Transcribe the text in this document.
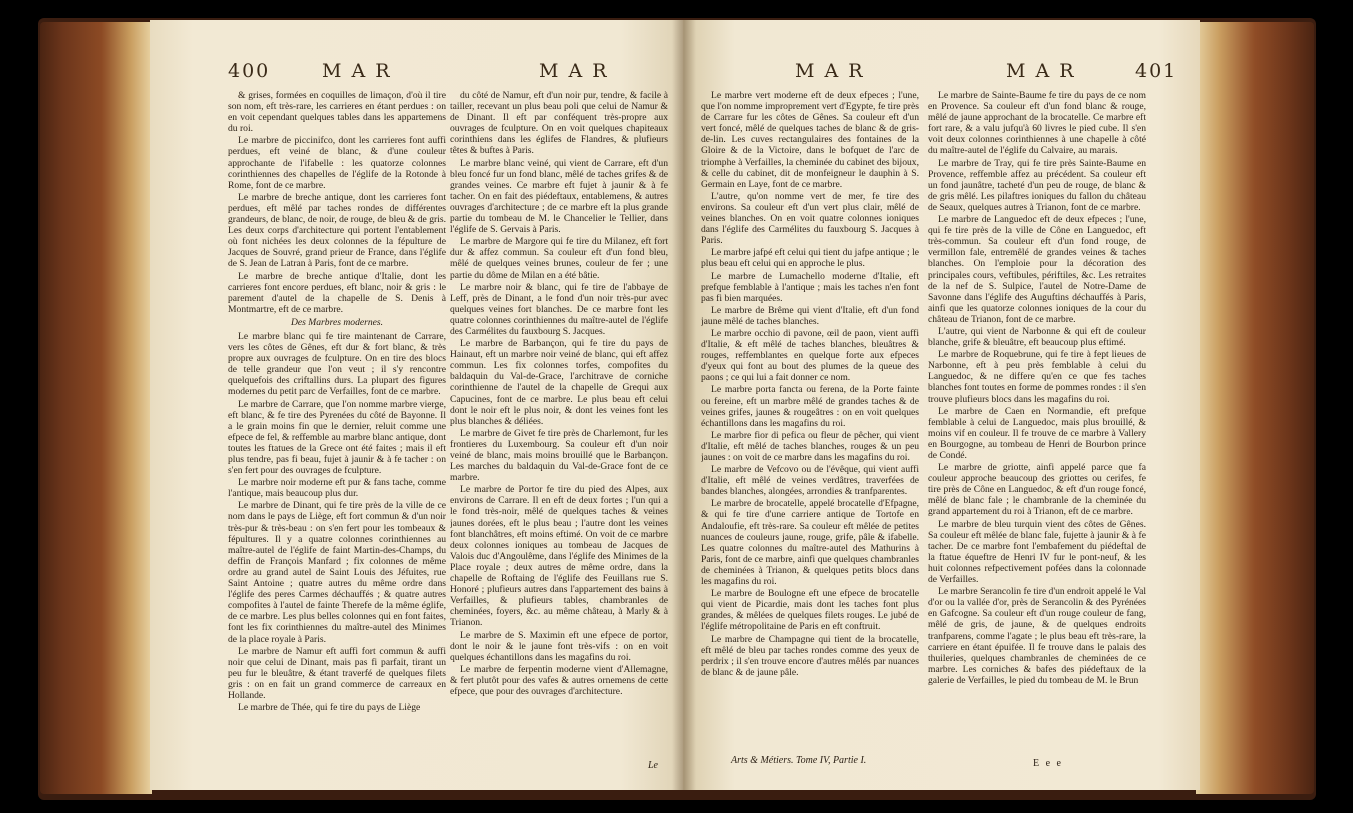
400	M A R	M A R

& grises, formées en coquilles de limaçon, d'où il tire son nom, eft très-rare, les carrieres en étant perdues : on en voit cependant quelques tables dans les appartemens du roi.

Le marbre de piccinifco, dont les carrieres font auffi perdues, eft veiné de blanc, & d'une couleur approchante de l'ifabelle : les quatorze colonnes corinthiennes des chapelles de l'églife de la Rotonde à Rome, font de ce marbre.

Le marbre de breche antique, dont les carrieres font perdues, eft mêlé par taches rondes de différentes grandeurs, de blanc, de noir, de rouge, de bleu & de gris. Les deux corps d'architecture qui portent l'entablement où font nichées les deux colonnes de la fépulture de Jacques de Souvré, grand prieur de France, dans l'églife de S. Jean de Latran à Paris, font de ce marbre.

Le marbre de breche antique d'Italie, dont les carrieres font encore perdues, eft blanc, noir & gris : le parement d'autel de la chapelle de S. Denis à Montmartre, eft de ce marbre.

Des Marbres modernes.

Le marbre blanc qui fe tire maintenant de Carrare, vers les côtes de Gênes, eft dur & fort blanc, & très propre aux ouvrages de fculpture. On en tire des blocs de telle grandeur que l'on veut ; il s'y rencontre quelquefois des criftallins durs. La plupart des figures modernes du petit parc de Verfailles, font de ce marbre.

Le marbre de Carrare, que l'on nomme marbre vierge, eft blanc, & fe tire des Pyrenées du côté de Bayonne. Il a le grain moins fin que le dernier, reluit comme une efpece de fel, & reffemble au marbre blanc antique, dont toutes les ftatues de la Grece ont été faites ; mais il eft plus tendre, pas fi beau, fujet à jaunir & à fe tacher : on s'en fert pour des ouvrages de fculpture.

Le marbre noir moderne eft pur & fans tache, comme l'antique, mais beaucoup plus dur.

Le marbre de Dinant, qui fe tire près de la ville de ce nom dans le pays de Liège, eft fort commun & d'un noir très-pur & très-beau : on s'en fert pour les tombeaux & fépultures. Il y a quatre colonnes corinthiennes au maître-autel de l'églife de faint Martin-des-Champs, du deffin de François Manfard ; fix colonnes de même ordre au grand autel de Saint Louis des Jéfuites, rue Saint Antoine ; quatre autres du même ordre dans l'églife des peres Carmes déchauffés ; & quatre autres compofites à l'autel de fainte Therefe de la même églife, de ce marbre. Les plus belles colonnes qui en font faites, font les fix corinthiennes du maître-autel des Minimes de la place royale à Paris.

Le marbre de Namur eft auffi fort commun & auffi noir que celui de Dinant, mais pas fi parfait, tirant un peu fur le bleuâtre, & étant traverfé de quelques filets gris : on en fait un grand commerce de carreaux en Hollande.

Le marbre de Thée, qui fe tire du pays de Liège

du côté de Namur, eft d'un noir pur, tendre, & facile à tailler, recevant un plus beau poli que celui de Namur & de Dinant. Il eft par conféquent très-propre aux ouvrages de fculpture. On en voit quelques chapiteaux corinthiens dans les églifes de Flandres, & plufieurs têtes & buftes à Paris.

Le marbre blanc veiné, qui vient de Carrare, eft d'un bleu foncé fur un fond blanc, mêlé de taches grifes & de grandes veines. Ce marbre eft fujet à jaunir & à fe tacher. On en fait des piédeftaux, entablemens, & autres ouvrages d'architecture ; de ce marbre eft la plus grande partie du tombeau de M. le Chancelier le Tellier, dans l'églife de S. Gervais à Paris.

Le marbre de Margore qui fe tire du Milanez, eft fort dur & affez commun. Sa couleur eft d'un fond bleu, mêlé de quelques veines brunes, couleur de fer ; une partie du dôme de Milan en a été bâtie.

Le marbre noir & blanc, qui fe tire de l'abbaye de Leff, près de Dinant, a le fond d'un noir très-pur avec quelques veines fort blanches. De ce marbre font les quatre colonnes corinthiennes du maître-autel de l'églife des Carmélites du fauxbourg S. Jacques.

Le marbre de Barbançon, qui fe tire du pays de Hainaut, eft un marbre noir veiné de blanc, qui eft affez commun. Les fix colonnes torfes, compofites du baldaquin du Val-de-Grace, l'architrave de corniche corinthienne de l'autel de la chapelle de Grequi aux Capucines, font de ce marbre. Le plus beau eft celui dont le noir eft le plus noir, & dont les veines font les plus blanches & déliées.

Le marbre de Givet fe tire près de Charlemont, fur les frontieres du Luxembourg. Sa couleur eft d'un noir veiné de blanc, mais moins brouillé que le Barbançon. Les marches du baldaquin du Val-de-Grace font de ce marbre.

Le marbre de Portor fe tire du pied des Alpes, aux environs de Carrare. Il en eft de deux fortes ; l'un qui a le fond très-noir, mêlé de quelques taches & veines jaunes dorées, eft le plus beau ; l'autre dont les veines font blanchâtres, eft moins eftimé. On voit de ce marbre deux colonnes ioniques au tombeau de Jacques de Valois duc d'Angoulême, dans l'églife des Minimes de la Place royale ; deux autres de même ordre, dans la chapelle de Roftaing de l'églife des Feuillans rue S. Honoré ; plufieurs autres dans l'appartement des bains à Verfailles, & plufieurs tables, chambranles de cheminées, foyers, &c. au même château, à Marly & à Trianon.

Le marbre de S. Maximin eft une efpece de portor, dont le noir & le jaune font très-vifs : on en voit quelques échantillons dans les magafins du roi.

Le marbre de ferpentin moderne vient d'Allemagne, & fert plutôt pour des vafes & autres ornemens de cette efpece, que pour des ouvrages d'architecture.

Le
M A R	M A R	401

Le marbre vert moderne eft de deux efpeces ; l'une, que l'on nomme improprement vert d'Egypte, fe tire près de Carrare fur les côtes de Gênes. Sa couleur eft d'un vert foncé, mêlé de quelques taches de blanc & de gris-de-lin. Les cuves rectangulaires des fontaines de la Gloire & de la Victoire, dans le bofquet de l'arc de triomphe à Verfailles, la cheminée du cabinet des bijoux, & celle du cabinet, dit de monfeigneur le dauphin à S. Germain en Laye, font de ce marbre.

L'autre, qu'on nomme vert de mer, fe tire des environs. Sa couleur eft d'un vert plus clair, mêlé de veines blanches. On en voit quatre colonnes ioniques dans l'églife des Carmélites du fauxbourg S. Jacques à Paris.

Le marbre jafpé eft celui qui tient du jafpe antique ; le plus beau eft celui qui en approche le plus.

Le marbre de Lumachello moderne d'Italie, eft prefque femblable à l'antique ; mais les taches n'en font pas fi bien marquées.

Le marbre de Brême qui vient d'Italie, eft d'un fond jaune mêlé de taches blanches.

Le marbre occhio di pavone, œil de paon, vient auffi d'Italie, & eft mêlé de taches blanches, bleuâtres & rouges, reffemblantes en quelque forte aux efpeces d'yeux qui font au bout des plumes de la queue des paons ; ce qui lui a fait donner ce nom.

Le marbre porta fancta ou ferena, de la Porte fainte ou fereine, eft un marbre mêlé de grandes taches & de veines grifes, jaunes & rougeâtres : on en voit quelques échantillons dans les magafins du roi.

Le marbre fior di pefica ou fleur de pêcher, qui vient d'Italie, eft mêlé de taches blanches, rouges & un peu jaunes : on voit de ce marbre dans les magafins du roi.

Le marbre de Vefcovo ou de l'évêque, qui vient auffi d'Italie, eft mêlé de veines verdâtres, traverfées de bandes blanches, alongées, arrondies & tranfparentes.

Le marbre de brocatelle, appelé brocatelle d'Efpagne, & qui fe tire d'une carriere antique de Tortofe en Andaloufie, eft très-rare. Sa couleur eft mêlée de petites nuances de couleurs jaune, rouge, grife, pâle & ifabelle. Les quatre colonnes du maître-autel des Mathurins à Paris, font de ce marbre, ainfi que quelques chambranles de cheminées à Trianon, & quelques petits blocs dans les magafins du roi.

Le marbre de Boulogne eft une efpece de brocatelle qui vient de Picardie, mais dont les taches font plus grandes, & mêlées de quelques filets rouges. Le jubé de l'églife métropolitaine de Paris en eft conftruit.

Le marbre de Champagne qui tient de la brocatelle, eft mêlé de bleu par taches rondes comme des yeux de perdrix ; il s'en trouve encore d'autres mêlés par nuances de blanc & de jaune pâle.

Le marbre de Sainte-Baume fe tire du pays de ce nom en Provence. Sa couleur eft d'un fond blanc & rouge, mêlé de jaune approchant de la brocatelle. Ce marbre eft fort rare, & a valu jufqu'à 60 livres le pied cube. Il s'en voit deux colonnes corinthiennes à une chapelle à côté du maître-autel de l'églife du Calvaire, au marais.

Le marbre de Tray, qui fe tire près Sainte-Baume en Provence, reffemble affez au précédent. Sa couleur eft un fond jaunâtre, tacheté d'un peu de rouge, de blanc & de gris mêlé. Les pilaftres ioniques du fallon du château de Seaux, quelques autres à Trianon, font de ce marbre.

Le marbre de Languedoc eft de deux efpeces ; l'une, qui fe tire près de la ville de Cône en Languedoc, eft très-commun. Sa couleur eft d'un fond rouge, de vermillon fale, entremêlé de grandes veines & taches blanches. On l'emploie pour la décoration des principales cours, veftibules, périftiles, &c. Les retraites de la nef de S. Sulpice, l'autel de Notre-Dame de Savonne dans l'églife des Auguftins déchauffés à Paris, ainfi que les quatorze colonnes ioniques de la cour du château de Trianon, font de ce marbre.

L'autre, qui vient de Narbonne & qui eft de couleur blanche, grife & bleuâtre, eft beaucoup plus eftimé.

Le marbre de Roquebrune, qui fe tire à fept lieues de Narbonne, eft à peu près femblable à celui du Languedoc, & ne differe qu'en ce que fes taches blanches font toutes en forme de pommes rondes : il s'en trouve plufieurs blocs dans les magafins du roi.

Le marbre de Caen en Normandie, eft prefque femblable à celui de Languedoc, mais plus brouillé, & moins vif en couleur. Il fe trouve de ce marbre à Vallery en Bourgogne, au tombeau de Henri de Bourbon prince de Condé.

Le marbre de griotte, ainfi appelé parce que fa couleur approche beaucoup des griottes ou cerifes, fe tire près de Cône en Languedoc, & eft d'un rouge foncé, mêlé de blanc fale ; le chambranle de la cheminée du grand appartement du roi à Trianon, eft de ce marbre.

Le marbre de bleu turquin vient des côtes de Gênes. Sa couleur eft mêlée de blanc fale, fujette à jaunir & à fe tacher. De ce marbre font l'embafement du piédeftal de la ftatue équeftre de Henri IV fur le pont-neuf, & les huit colonnes refpectivement pofées dans la colonnade de Verfailles.

Le marbre Serancolin fe tire d'un endroit appelé le Val d'or ou la vallée d'or, près de Serancolin & des Pyrénées en Gafcogne. Sa couleur eft d'un rouge couleur de fang, mêlé de gris, de jaune, & de quelques endroits tranfparens, comme l'agate ; le plus beau eft très-rare, la carriere en étant épuifée. Il fe trouve dans le palais des thuileries, quelques chambranles de cheminées de ce marbre. Les corniches & bafes des piédeftaux de la galerie de Verfailles, le pied du tombeau de M. le Brun

Arts & Métiers. Tome IV, Partie I.	E e e
